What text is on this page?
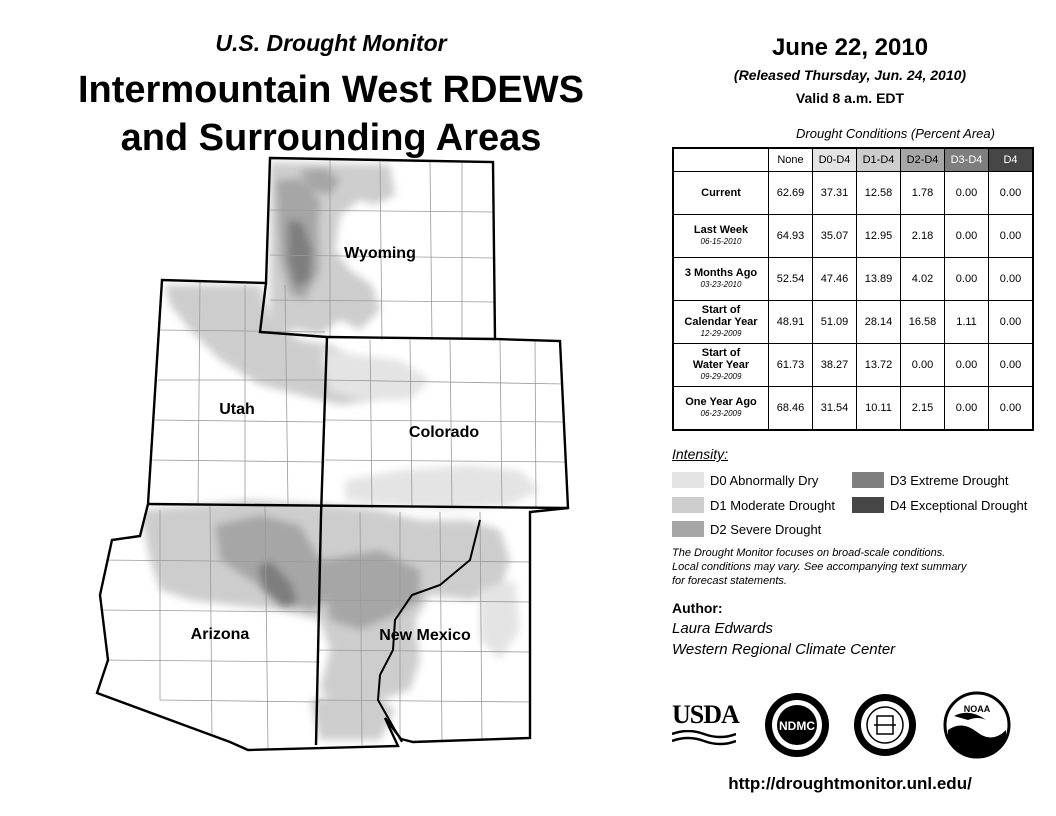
U.S. Drought Monitor
Intermountain West RDEWS
and Surrounding Areas
Wyoming
Utah
Colorado
Arizona	New Mexico
June 22, 2010
(Released Thursday, Jun. 24, 2010)
Valid 8 a.m. EDT
Drought Conditions (Percent Area)
	None	D0-D4	D1-D4	D2-D4	D3-D4	D4

Current	62.69	37.31	12.58	1.78	0.00	0.00

Last Week
06-15-2010	64.93	35.07	12.95	2.18	0.00	0.00

3 Months Ago
03-23-2010	52.54	47.46	13.89	4.02	0.00	0.00

Start of
Calendar Year
12-29-2009	48.91	51.09	28.14	16.58	1.11	0.00

Start of
Water Year
09-29-2009	61.73	38.27	13.72	0.00	0.00	0.00

One Year Ago
06-23-2009	68.46	31.54	10.11	2.15	0.00	0.00
Intensity:
D0 Abnormally Dry
D1 Moderate Drought
D2 Severe Drought
D3 Extreme Drought
D4 Exceptional Drought
The Drought Monitor focuses on broad-scale conditions.
Local conditions may vary. See accompanying text summary
for forecast statements.
Author:
Laura Edwards
Western Regional Climate Center
USDA	NDMC
NOAA
http://droughtmonitor.unl.edu/
